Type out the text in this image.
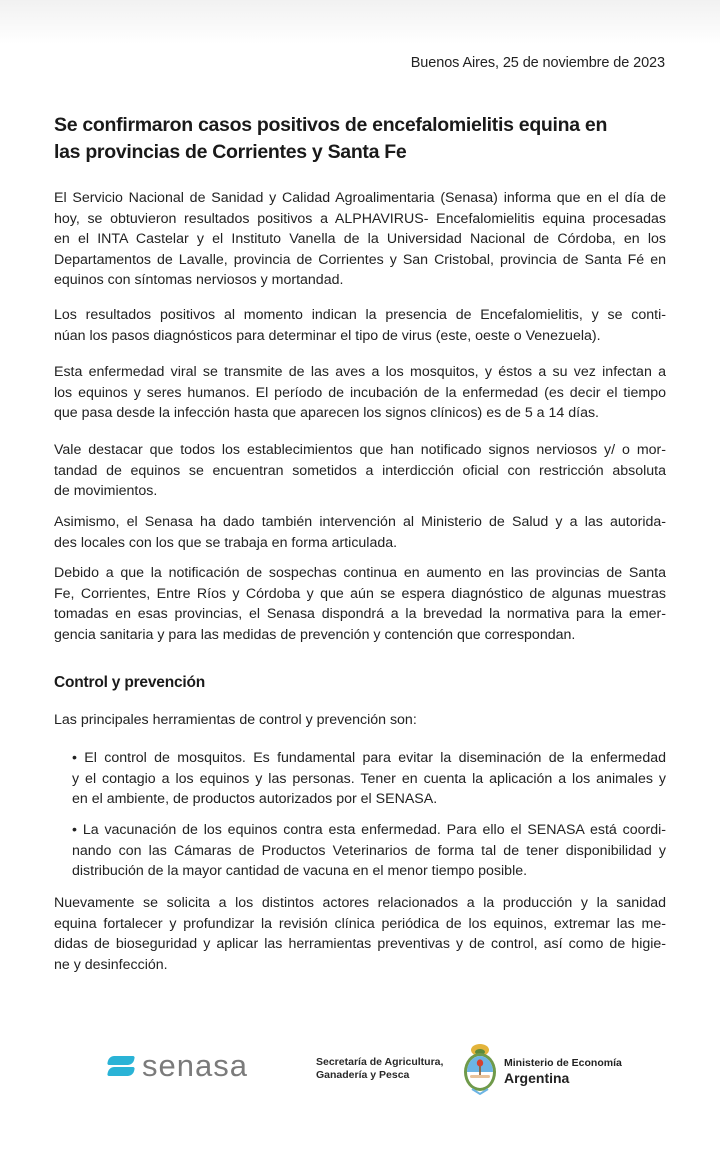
Buenos Aires, 25 de noviembre de 2023
Se confirmaron casos positivos de encefalomielitis equina en
las provincias de Corrientes y Santa Fe
El Servicio Nacional de Sanidad y Calidad Agroalimentaria (Senasa) informa que en el día de
hoy, se obtuvieron resultados positivos a ALPHAVIRUS- Encefalomielitis equina procesadas
en el INTA Castelar y el Instituto Vanella de la Universidad Nacional de Córdoba, en los
Departamentos de Lavalle, provincia de Corrientes y San Cristobal, provincia de Santa Fé en
equinos con síntomas nerviosos y mortandad.
Los resultados positivos al momento indican la presencia de Encefalomielitis, y se conti-
núan los pasos diagnósticos para determinar el tipo de virus (este, oeste o Venezuela).
Esta enfermedad viral se transmite de las aves a los mosquitos, y éstos a su vez infectan a
los equinos y seres humanos. El período de incubación de la enfermedad (es decir el tiempo
que pasa desde la infección hasta que aparecen los signos clínicos) es de 5 a 14 días.
Vale destacar que todos los establecimientos que han notificado signos nerviosos y/ o mor-
tandad de equinos se encuentran sometidos a interdicción oficial con restricción absoluta
de movimientos.
Asimismo, el Senasa ha dado también intervención al Ministerio de Salud y a las autorida-
des locales con los que se trabaja en forma articulada.
Debido a que la notificación de sospechas continua en aumento en las provincias de Santa
Fe, Corrientes, Entre Ríos y Córdoba y que aún se espera diagnóstico de algunas muestras
tomadas en esas provincias, el Senasa dispondrá a la brevedad la normativa para la emer-
gencia sanitaria y para las medidas de prevención y contención que correspondan.
Control y prevención
Las principales herramientas de control y prevención son:
• El control de mosquitos. Es fundamental para evitar la diseminación de la enfermedad
y el contagio a los equinos y las personas. Tener en cuenta la aplicación a los animales y
en el ambiente, de productos autorizados por el SENASA.
• La vacunación de los equinos contra esta enfermedad. Para ello el SENASA está coordi-
nando con las Cámaras de Productos Veterinarios de forma tal de tener disponibilidad y
distribución de la mayor cantidad de vacuna en el menor tiempo posible.
Nuevamente se solicita a los distintos actores relacionados a la producción y la sanidad
equina fortalecer y profundizar la revisión clínica periódica de los equinos, extremar las me-
didas de bioseguridad y aplicar las herramientas preventivas y de control, así como de higie-
ne y desinfección.
senasa	Secretaría de Agricultura,
Ganadería y Pesca
Ministerio de Economía
Argentina
